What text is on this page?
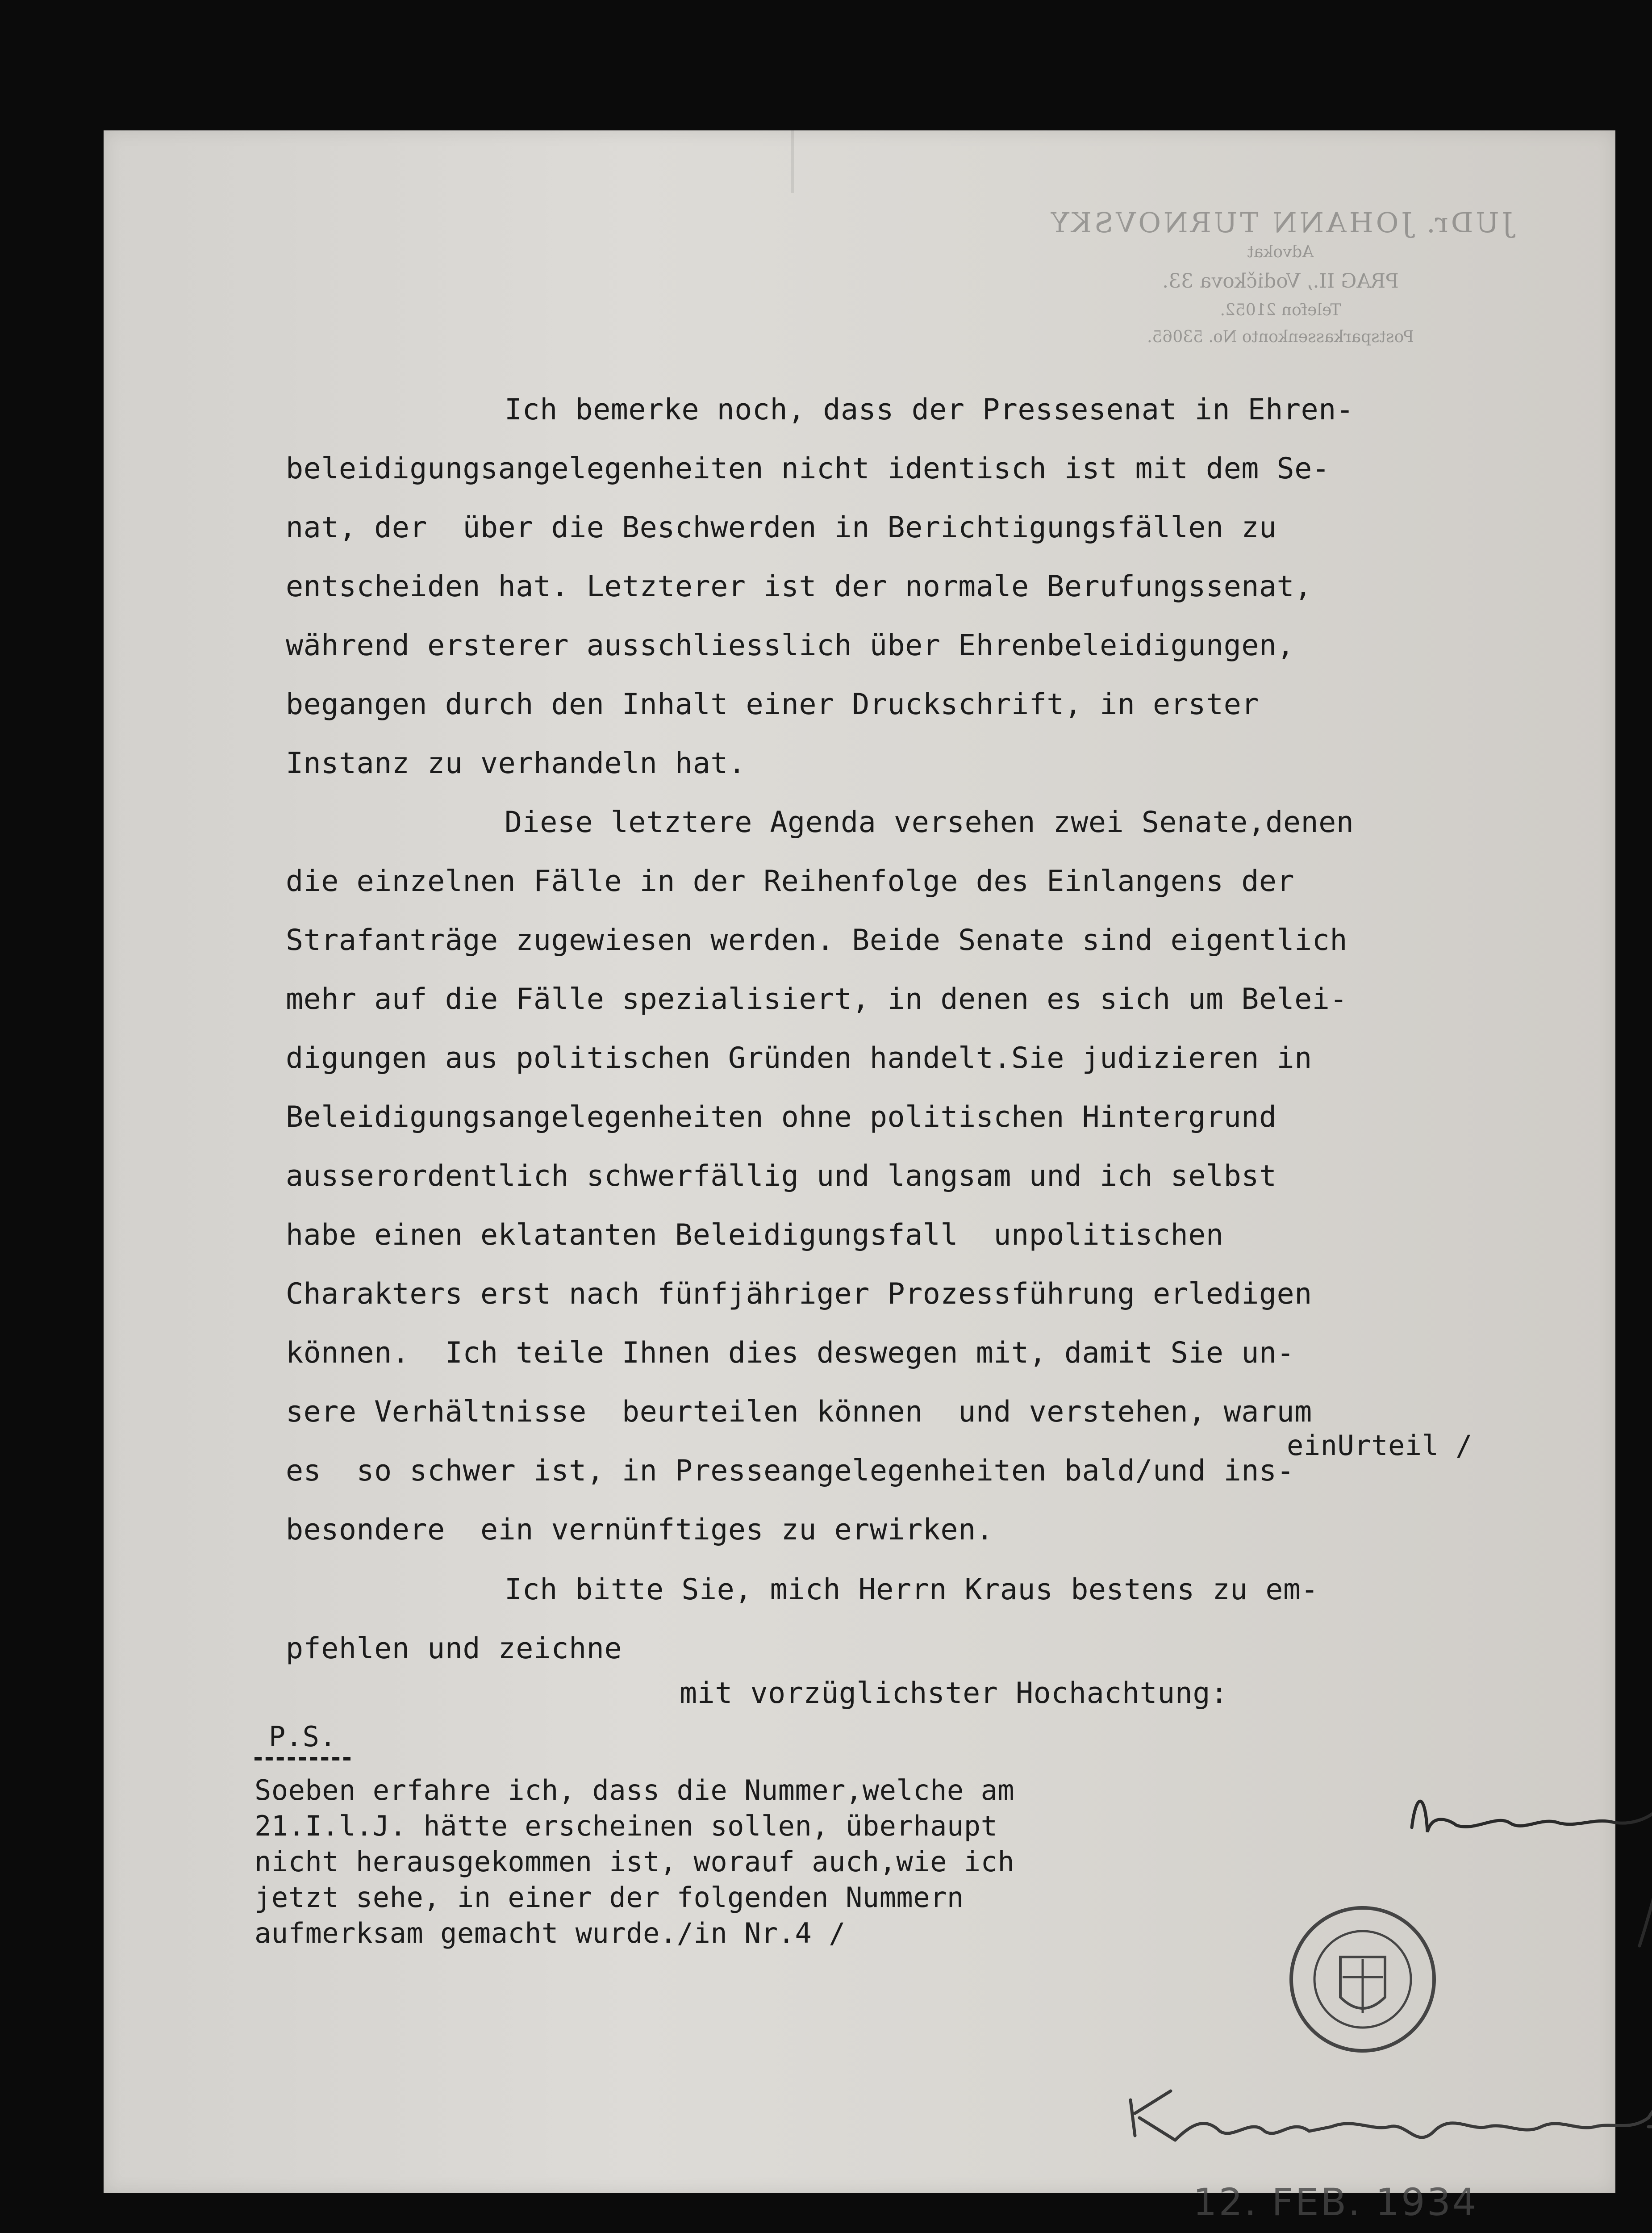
JUDr. JOHANN TURNOVSKY
Advokat
PRAG II., Vodičkova 33.
Telefon 21052.
Postsparkassenkonto No. 53065.
Ich bemerke noch, dass der Pressesenat in Ehren-
beleidigungsangelegenheiten nicht identisch ist mit dem Se-
nat, der  über die Beschwerden in Berichtigungsfällen zu
entscheiden hat. Letzterer ist der normale Berufungssenat,
während ersterer ausschliesslich über Ehrenbeleidigungen,
begangen durch den Inhalt einer Druckschrift, in erster
Instanz zu verhandeln hat.
Diese letztere Agenda versehen zwei Senate,denen
die einzelnen Fälle in der Reihenfolge des Einlangens der
Strafanträge zugewiesen werden. Beide Senate sind eigentlich
mehr auf die Fälle spezialisiert, in denen es sich um Belei-
digungen aus politischen Gründen handelt.Sie judizieren in
Beleidigungsangelegenheiten ohne politischen Hintergrund
ausserordentlich schwerfällig und langsam und ich selbst
habe einen eklatanten Beleidigungsfall  unpolitischen
Charakters erst nach fünfjähriger Prozessführung erledigen
können.  Ich teile Ihnen dies deswegen mit, damit Sie un-
sere Verhältnisse  beurteilen können  und verstehen, warum
es  so schwer ist, in Presseangelegenheiten bald/und ins-
besondere  ein vernünftiges zu erwirken.
Ich bitte Sie, mich Herrn Kraus bestens zu em-
pfehlen und zeichne
einUrteil /
mit vorzüglichster Hochachtung:
P.S.
Soeben erfahre ich, dass die Nummer,welche am
21.I.l.J. hätte erscheinen sollen, überhaupt
nicht herausgekommen ist, worauf auch,wie ich
jetzt sehe, in einer der folgenden Nummern
aufmerksam gemacht wurde./in Nr.4 /
12. FEB. 1934
